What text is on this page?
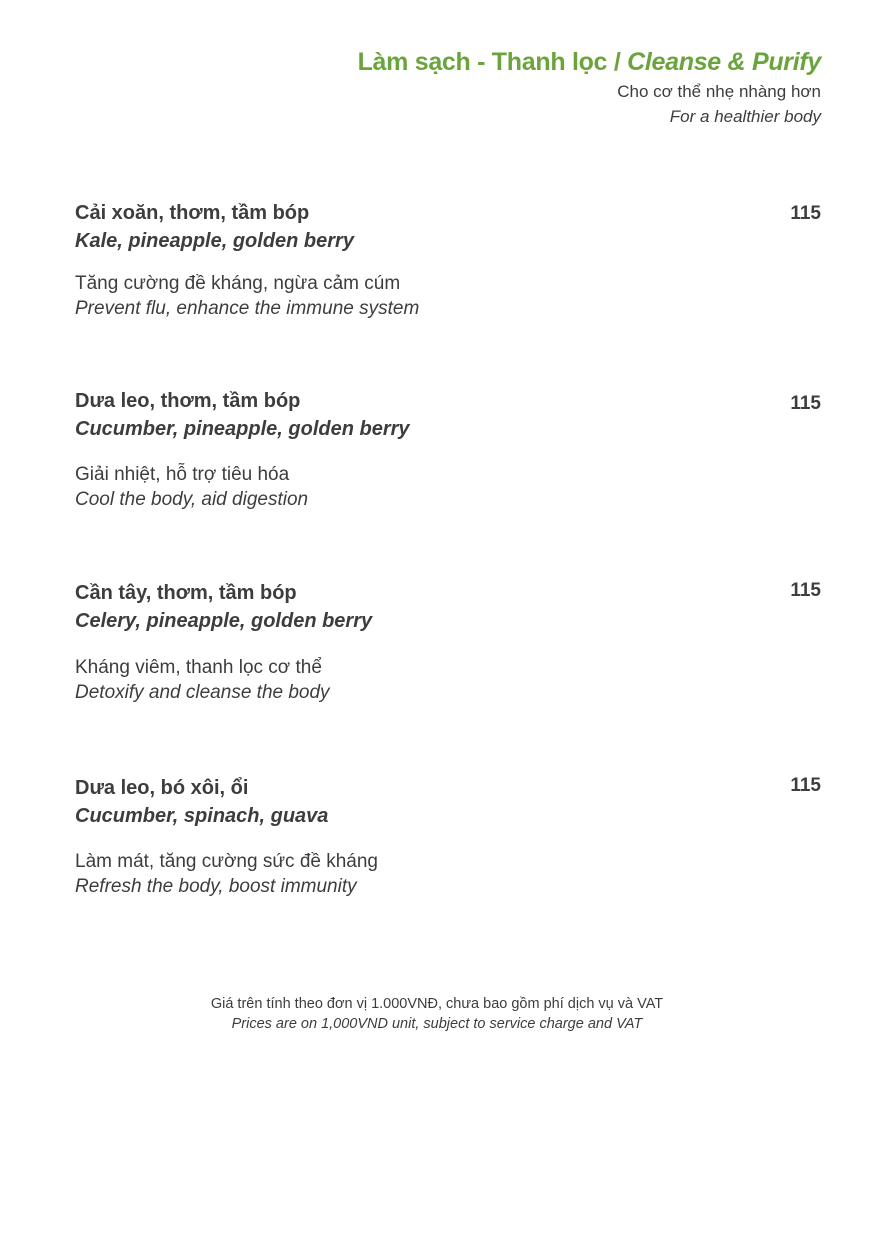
Làm sạch - Thanh lọc / Cleanse & Purify
Cho cơ thể nhẹ nhàng hơn
For a healthier body
Cải xoăn, thơm, tầm bóp
Kale, pineapple, golden berry
115
Tăng cường đề kháng, ngừa cảm cúm
Prevent flu, enhance the immune system
Dưa leo, thơm, tầm bóp
Cucumber, pineapple, golden berry
115
Giải nhiệt, hỗ trợ tiêu hóa
Cool the body, aid digestion
Cần tây, thơm, tầm bóp
Celery, pineapple, golden berry
115
Kháng viêm, thanh lọc cơ thể
Detoxify and cleanse the body
Dưa leo, bó xôi, ổi
Cucumber, spinach, guava
115
Làm mát, tăng cường sức đề kháng
Refresh the body, boost immunity
Giá trên tính theo đơn vị 1.000VNĐ, chưa bao gồm phí dịch vụ và VAT
Prices are on 1,000VND unit, subject to service charge and VAT
